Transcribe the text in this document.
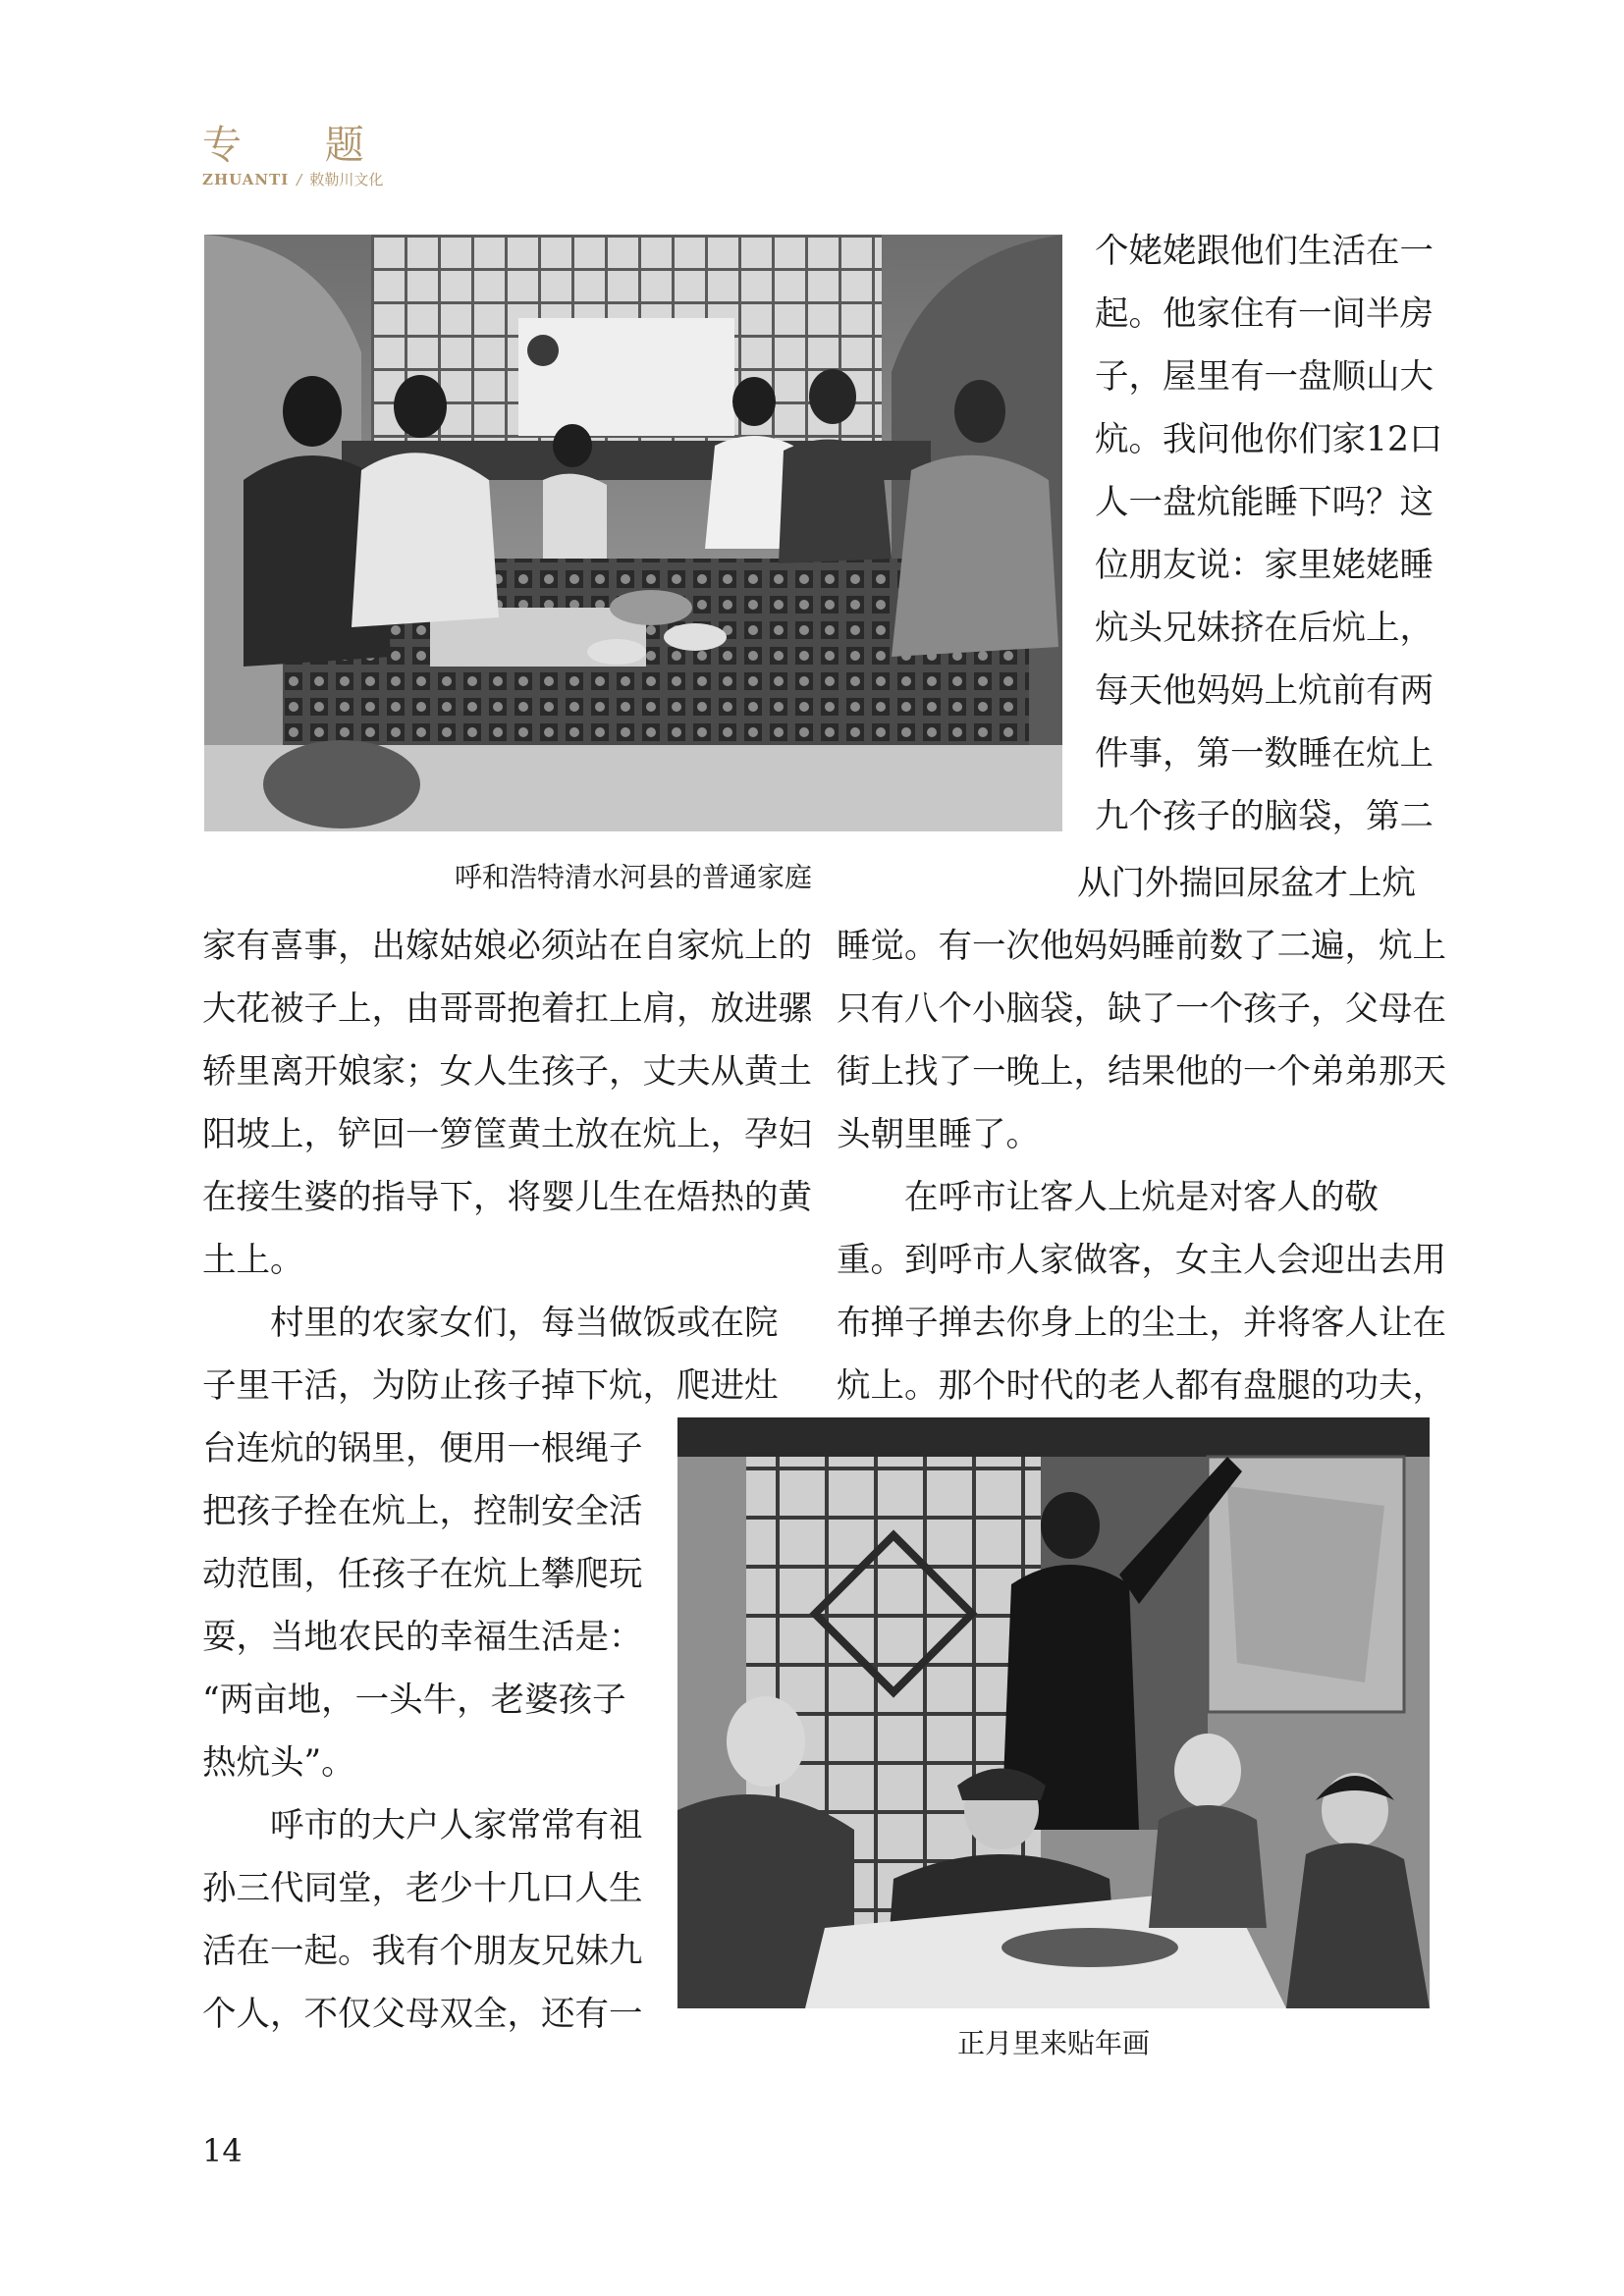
专 题
ZHUANTI / 敕勒川文化
呼和浩特清水河县的普通家庭
正月里来贴年画
个姥姥跟他们生活在一
起。他家住有一间半房
子，屋里有一盘顺山大
炕。我问他你们家12口
人一盘炕能睡下吗？这
位朋友说：家里姥姥睡
炕头兄妹挤在后炕上，
每天他妈妈上炕前有两
件事，第一数睡在炕上
九个孩子的脑袋，第二
从门外揣回尿盆才上炕
家有喜事，出嫁姑娘必须站在自家炕上的
大花被子上，由哥哥抱着扛上肩，放进骡
轿里离开娘家；女人生孩子，丈夫从黄土
阳坡上，铲回一箩筐黄土放在炕上，孕妇
在接生婆的指导下，将婴儿生在焐热的黄
土上。
　　村里的农家女们，每当做饭或在院
子里干活，为防止孩子掉下炕，爬进灶
台连炕的锅里，便用一根绳子
把孩子拴在炕上，控制安全活
动范围，任孩子在炕上攀爬玩
耍，当地农民的幸福生活是：
“两亩地，一头牛，老婆孩子
热炕头”。
　　呼市的大户人家常常有祖
孙三代同堂，老少十几口人生
活在一起。我有个朋友兄妹九
个人，不仅父母双全，还有一
睡觉。有一次他妈妈睡前数了二遍，炕上
只有八个小脑袋，缺了一个孩子，父母在
街上找了一晚上，结果他的一个弟弟那天
头朝里睡了。
　　在呼市让客人上炕是对客人的敬
重。到呼市人家做客，女主人会迎出去用
布掸子掸去你身上的尘土，并将客人让在
炕上。那个时代的老人都有盘腿的功夫，
14
